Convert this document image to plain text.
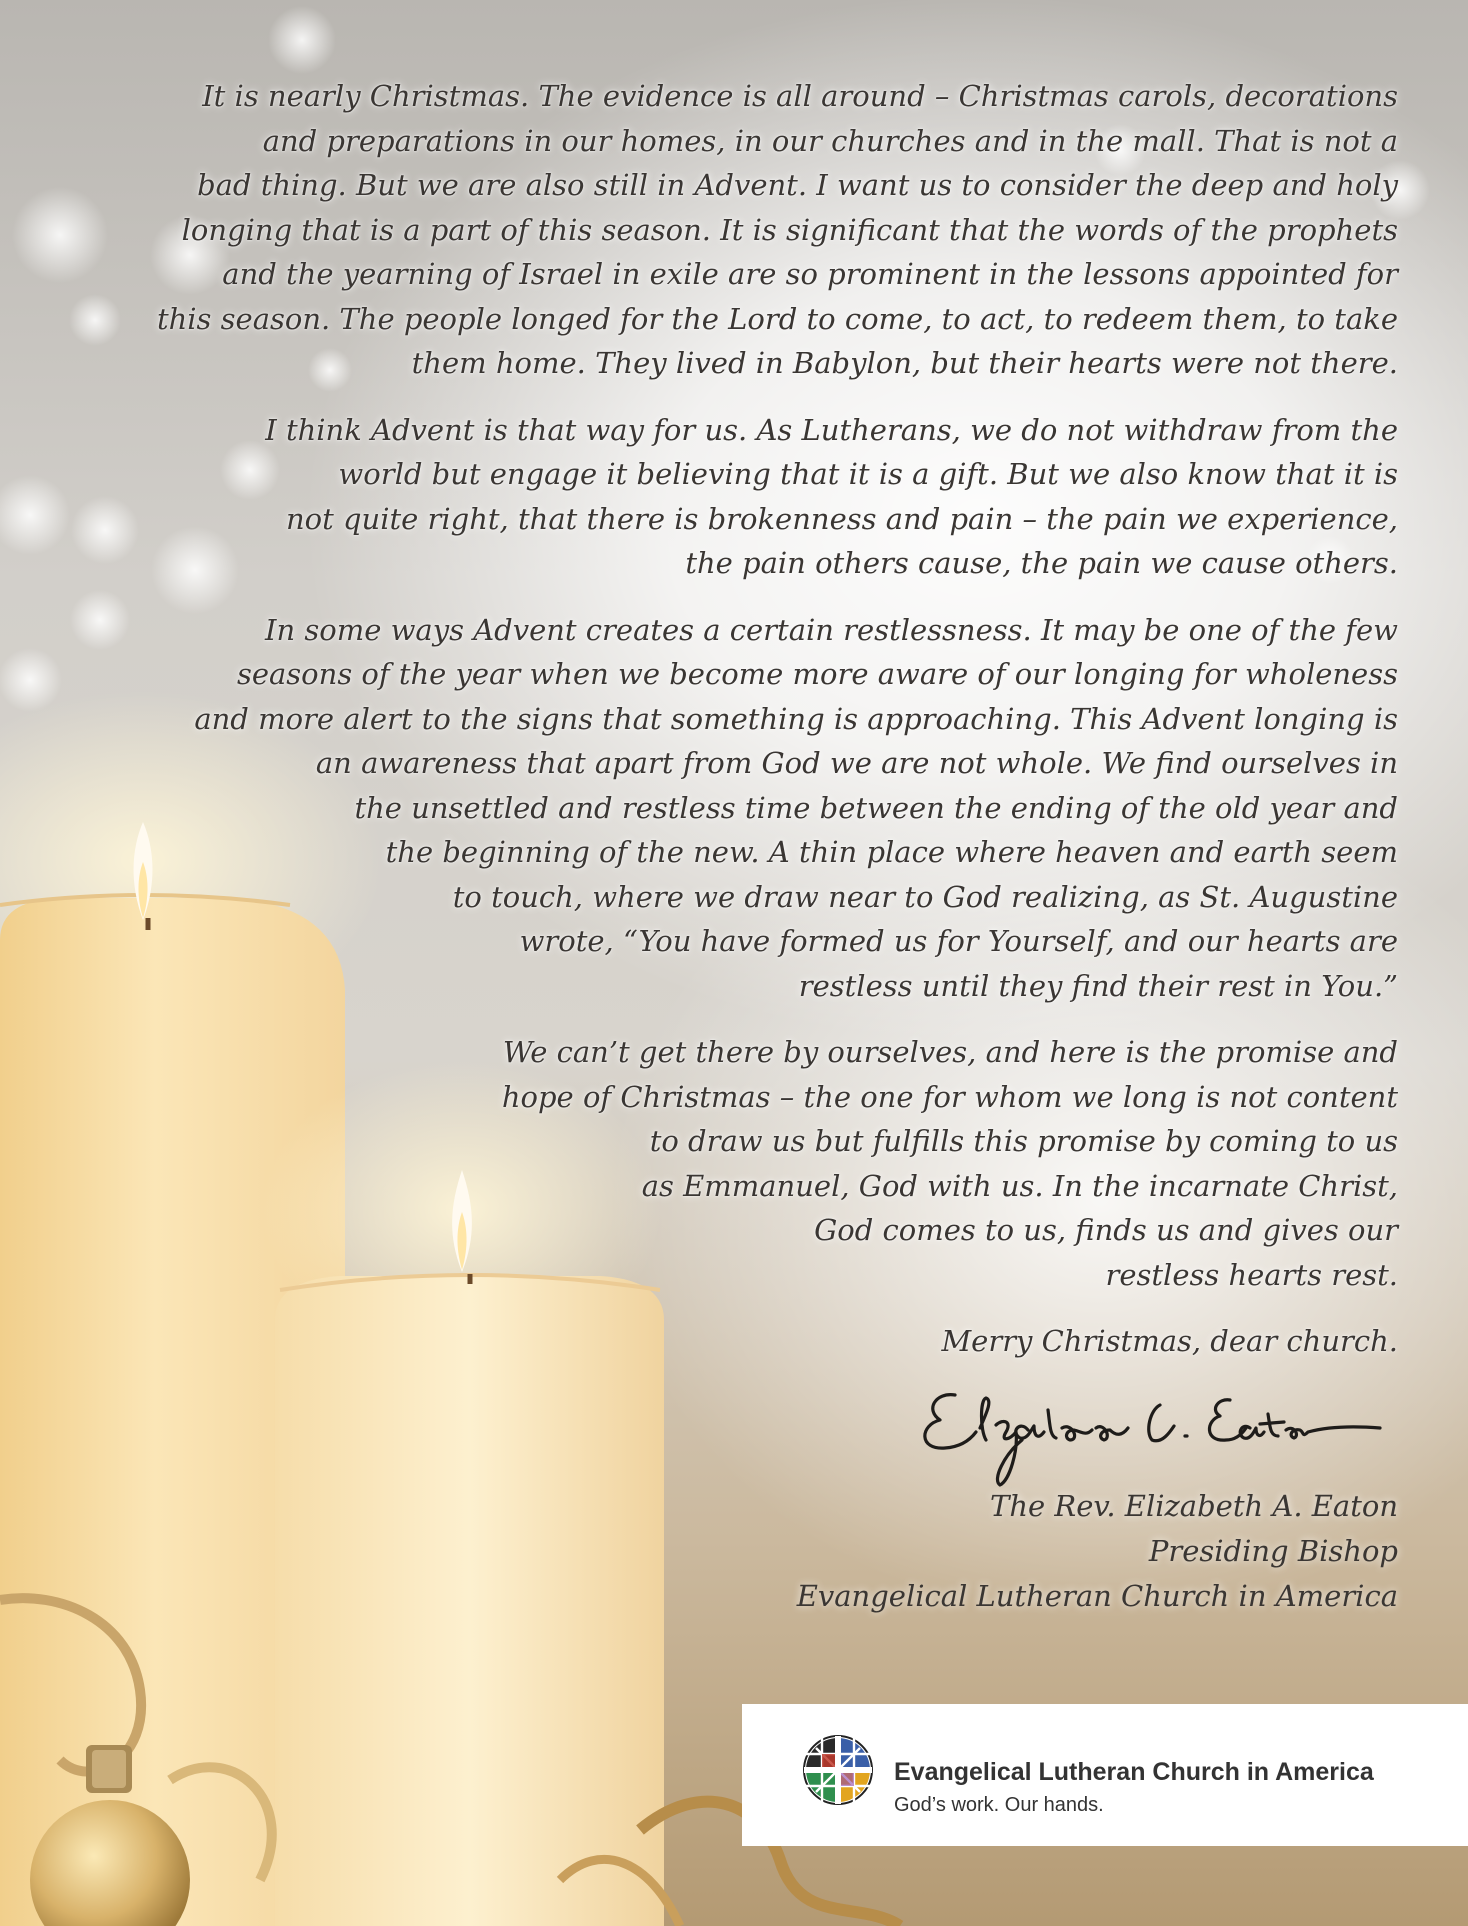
It is nearly Christmas. The evidence is all around – Christmas carols, decorations
and preparations in our homes, in our churches and in the mall. That is not a
bad thing. But we are also still in Advent. I want us to consider the deep and holy
longing that is a part of this season. It is significant that the words of the prophets
and the yearning of Israel in exile are so prominent in the lessons appointed for
this season. The people longed for the Lord to come, to act, to redeem them, to take
them home. They lived in Babylon, but their hearts were not there.

I think Advent is that way for us. As Lutherans, we do not withdraw from the
world but engage it believing that it is a gift. But we also know that it is
not quite right, that there is brokenness and pain – the pain we experience,
the pain others cause, the pain we cause others.

In some ways Advent creates a certain restlessness. It may be one of the few
seasons of the year when we become more aware of our longing for wholeness
and more alert to the signs that something is approaching. This Advent longing is
an awareness that apart from God we are not whole. We find ourselves in
the unsettled and restless time between the ending of the old year and
the beginning of the new. A thin place where heaven and earth seem
to touch, where we draw near to God realizing, as St. Augustine
wrote, “You have formed us for Yourself, and our hearts are
restless until they find their rest in You.”

We can’t get there by ourselves, and here is the promise and
hope of Christmas – the one for whom we long is not content
to draw us but fulfills this promise by coming to us
as Emmanuel, God with us. In the incarnate Christ,
God comes to us, finds us and gives our
restless hearts rest.

Merry Christmas, dear church.

The Rev. Elizabeth A. Eaton
Presiding Bishop
Evangelical Lutheran Church in America
Evangelical Lutheran Church in America
God’s work. Our hands.
